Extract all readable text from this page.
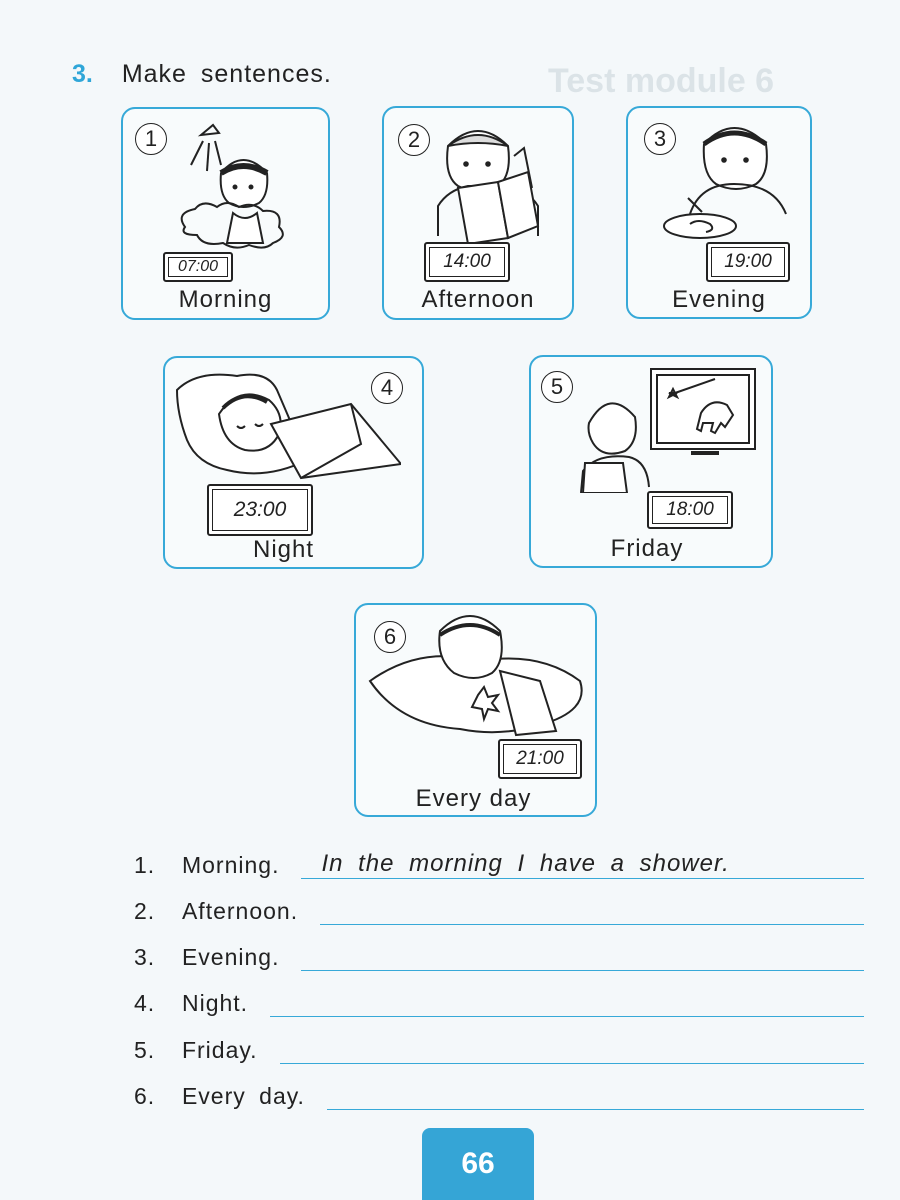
Test module 6
3. Make sentences.
1
07:00
Morning
2
14:00
Afternoon
3
19:00
Evening
4
23:00
Night
5
18:00
Friday
6
21:00
Every day
1.
Morning. In the morning I have a shower.
2.
Afternoon.
3.
Evening.
4.
Night.
5.
Friday.
6.
Every day.
66
